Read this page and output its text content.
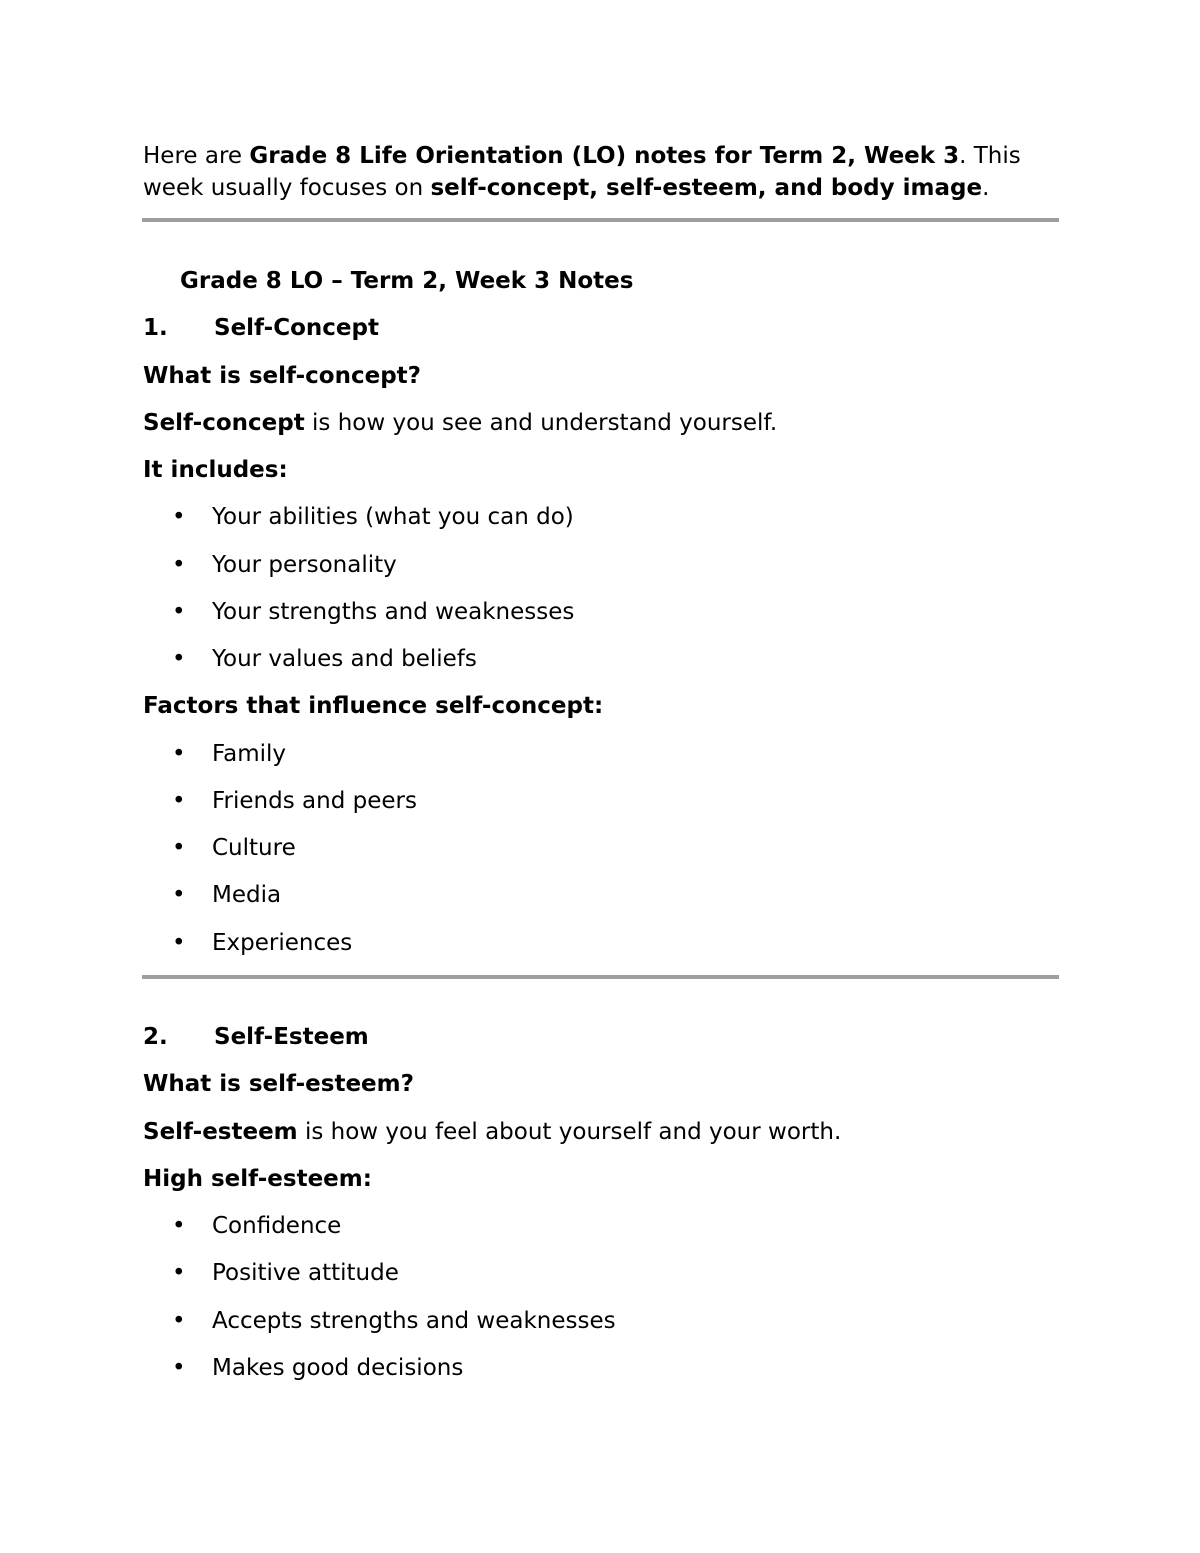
Here are Grade 8 Life Orientation (LO) notes for Term 2, Week 3. This week usually focuses on self-concept, self-esteem, and body image.

Grade 8 LO – Term 2, Week 3 Notes

1. Self-Concept

What is self-concept?

Self-concept is how you see and understand yourself.

It includes:

• Your abilities (what you can do)

• Your personality

• Your strengths and weaknesses

• Your values and beliefs

Factors that influence self-concept:

• Family

• Friends and peers

• Culture

• Media

• Experiences

2. Self-Esteem

What is self-esteem?

Self-esteem is how you feel about yourself and your worth.

High self-esteem:

• Confidence

• Positive attitude

• Accepts strengths and weaknesses

• Makes good decisions
